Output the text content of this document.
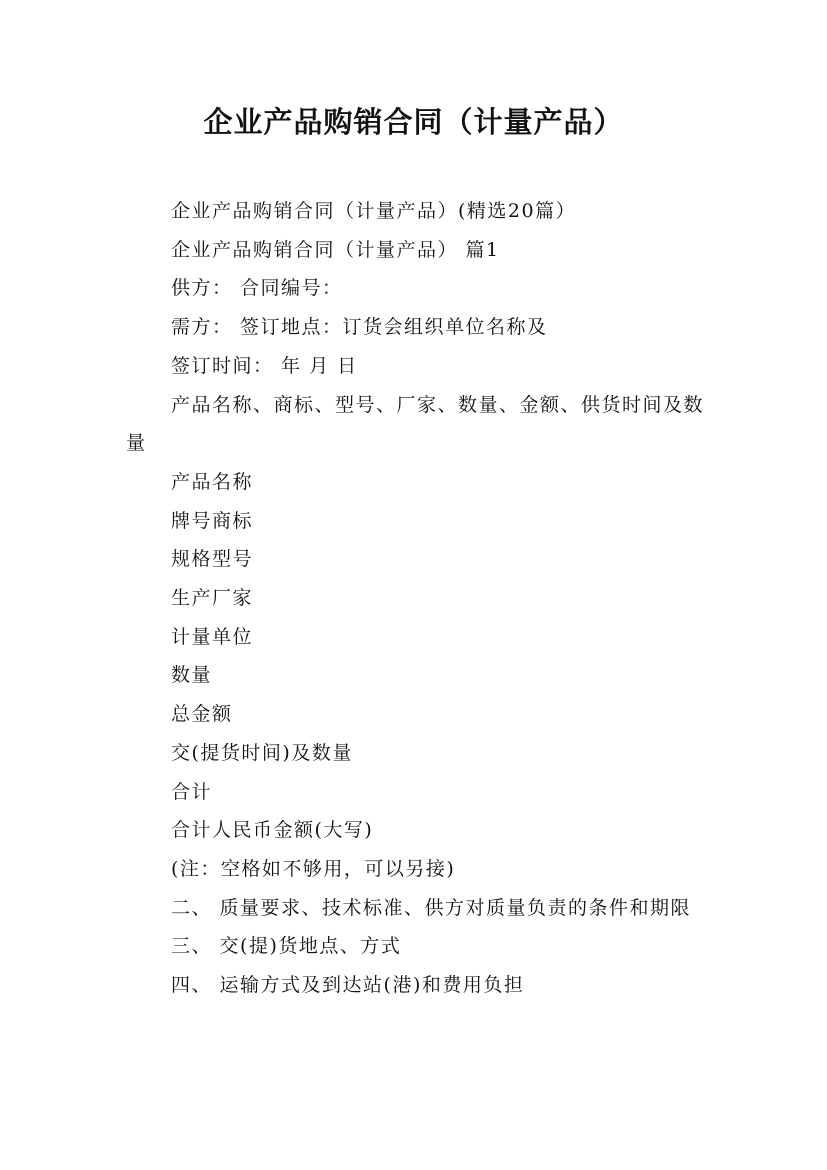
企业产品购销合同（计量产品）

企业产品购销合同（计量产品）(精选20篇）

企业产品购销合同（计量产品） 篇1

供方： 合同编号：

需方： 签订地点：订货会组织单位名称及

签订时间： 年 月 日

产品名称、商标、型号、厂家、数量、金额、供货时间及数量

产品名称

牌号商标

规格型号

生产厂家

计量单位

数量

总金额

交(提货时间)及数量

合计

合计人民币金额(大写)

(注：空格如不够用，可以另接)

二、 质量要求、技术标准、供方对质量负责的条件和期限

三、 交(提)货地点、方式

四、 运输方式及到达站(港)和费用负担
